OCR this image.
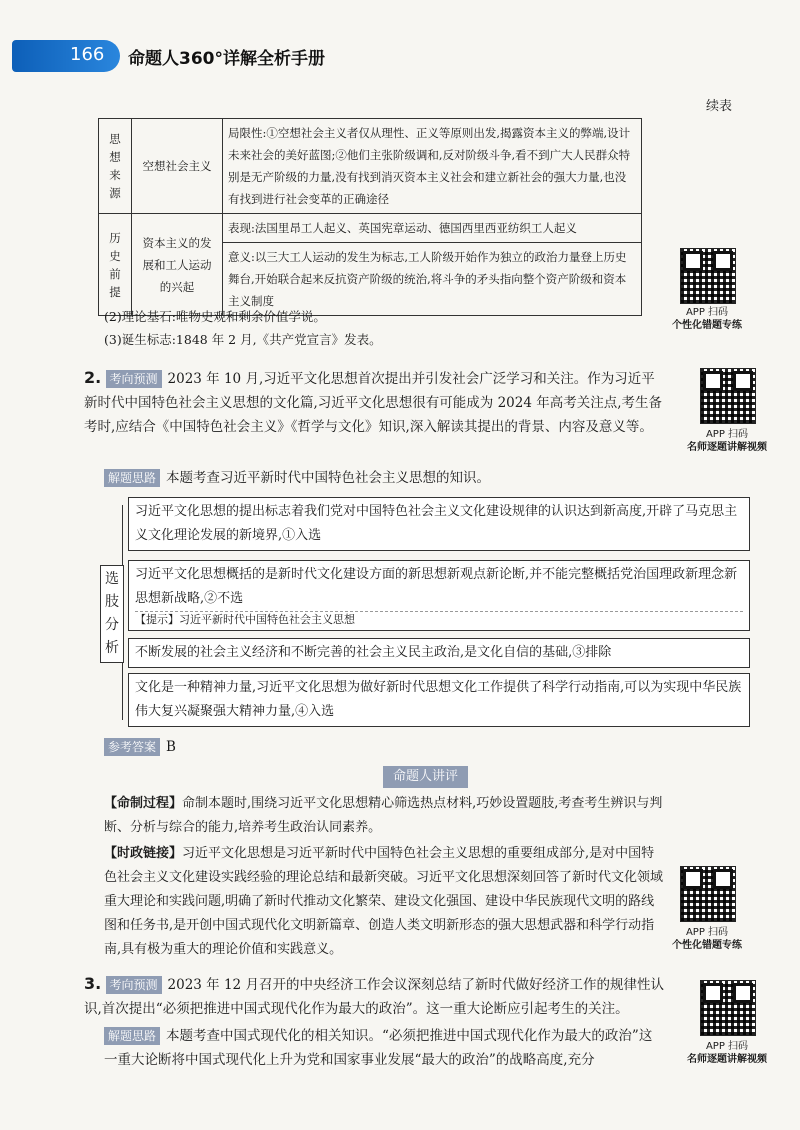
166 命题人360°详解全析手册
续表
思想来源	空想社会主义	局限性:①空想社会主义者仅从理性、正义等原则出发,揭露资本主义的弊端,设计未来社会的美好蓝图;②他们主张阶级调和,反对阶级斗争,看不到广大人民群众特别是无产阶级的力量,没有找到消灭资本主义社会和建立新社会的强大力量,也没有找到进行社会变革的正确途径
历史前提	资本主义的发展和工人运动的兴起	表现:法国里昂工人起义、英国宪章运动、德国西里西亚纺织工人起义
		意义:以三大工人运动的发生为标志,工人阶级开始作为独立的政治力量登上历史舞台,开始联合起来反抗资产阶级的统治,将斗争的矛头指向整个资产阶级和资本主义制度
APP 扫码
个性化错题专练
(2)理论基石:唯物史观和剩余价值学说。
(3)诞生标志:1848 年 2 月,《共产党宣言》发表。
2. 考向预测 2023 年 10 月,习近平文化思想首次提出并引发社会广泛学习和关注。作为习近平新时代中国特色社会主义思想的文化篇,习近平文化思想很有可能成为 2024 年高考关注点,考生备考时,应结合《中国特色社会主义》《哲学与文化》知识,深入解读其提出的背景、内容及意义等。	APP 扫码
名师逐题讲解视频
解题思路 本题考查习近平新时代中国特色社会主义思想的知识。
选
肢
分
析
习近平文化思想的提出标志着我们党对中国特色社会主义文化建设规律的认识达到新高度,开辟了马克思主义文化理论发展的新境界,①入选
习近平文化思想概括的是新时代文化建设方面的新思想新观点新论断,并不能完整概括党治国理政新理念新思想新战略,②不选
【提示】习近平新时代中国特色社会主义思想
不断发展的社会主义经济和不断完善的社会主义民主政治,是文化自信的基础,③排除
文化是一种精神力量,习近平文化思想为做好新时代思想文化工作提供了科学行动指南,可以为实现中华民族伟大复兴凝聚强大精神力量,④入选
参考答案 B
命题人讲评
【命制过程】命制本题时,围绕习近平文化思想精心筛选热点材料,巧妙设置题肢,考查考生辨识与判断、分析与综合的能力,培养考生政治认同素养。
【时政链接】习近平文化思想是习近平新时代中国特色社会主义思想的重要组成部分,是对中国特色社会主义文化建设实践经验的理论总结和最新突破。习近平文化思想深刻回答了新时代文化领域重大理论和实践问题,明确了新时代推动文化繁荣、建设文化强国、建设中华民族现代文明的路线图和任务书,是开创中国式现代化文明新篇章、创造人类文明新形态的强大思想武器和科学行动指南,具有极为重大的理论价值和实践意义。
APP 扫码
个性化错题专练
3. 考向预测 2023 年 12 月召开的中央经济工作会议深刻总结了新时代做好经济工作的规律性认识,首次提出“必须把推进中国式现代化作为最大的政治”。这一重大论断应引起考生的关注。
解题思路 本题考查中国式现代化的相关知识。“必须把推进中国式现代化作为最大的政治”这一重大论断将中国式现代化上升为党和国家事业发展“最大的政治”的战略高度,充分
APP 扫码
名师逐题讲解视频
